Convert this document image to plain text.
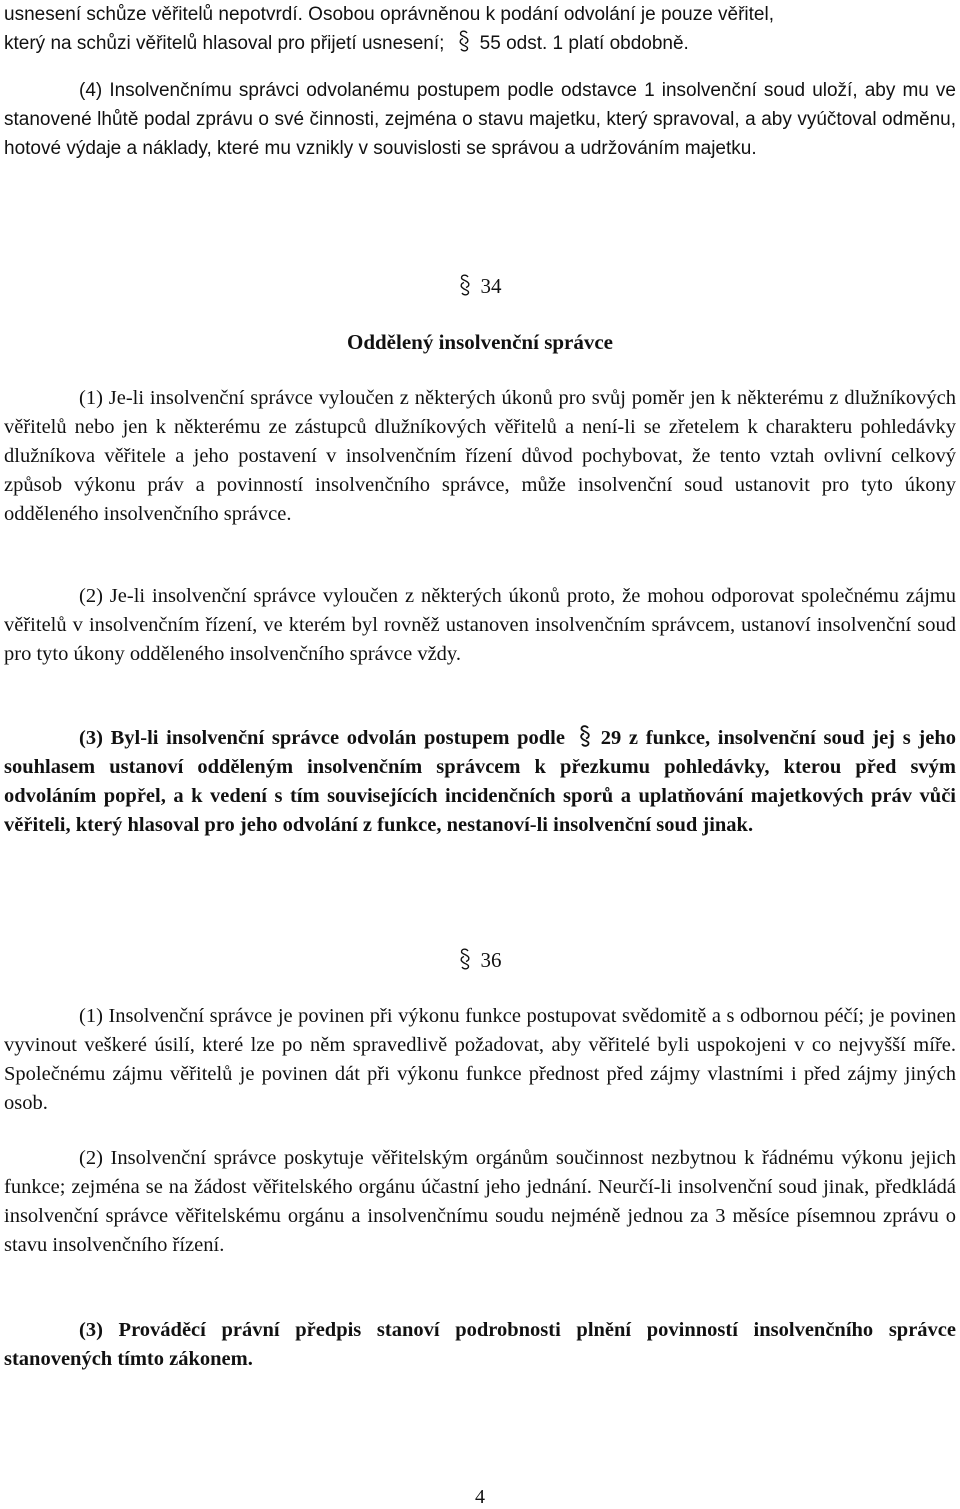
usnesení schůze věřitelů nepotvrdí. Osobou oprávněnou k podání odvolání je pouze věřitel,
který na schůzi věřitelů hlasoval pro přijetí usnesení; 55 odst. 1 platí obdobně.
(4) Insolvenčnímu správci odvolanému postupem podle odstavce 1 insolvenční soud uloží, aby mu ve stanovené lhůtě podal zprávu o své činnosti, zejména o stavu majetku, který spravoval, a aby vyúčtoval odměnu, hotové výdaje a náklady, které mu vznikly v souvislosti se správou a udržováním majetku.
34
Oddělený insolvenční správce
(1) Je-li insolvenční správce vyloučen z některých úkonů pro svůj poměr jen k některému z dlužníkových věřitelů nebo jen k některému ze zástupců dlužníkových věřitelů a není-li se zřetelem k charakteru pohledávky dlužníkova věřitele a jeho postavení v insolvenčním řízení důvod pochybovat, že tento vztah ovlivní celkový způsob výkonu práv a povinností insolvenčního správce, může insolvenční soud ustanovit pro tyto úkony odděleného insolvenčního správce.
(2) Je-li insolvenční správce vyloučen z některých úkonů proto, že mohou odporovat společnému zájmu věřitelů v insolvenčním řízení, ve kterém byl rovněž ustanoven insolvenčním správcem, ustanoví insolvenční soud pro tyto úkony odděleného insolvenčního správce vždy.
(3) Byl-li insolvenční správce odvolán postupem podle 29 z funkce, insolvenční soud jej s jeho souhlasem ustanoví odděleným insolvenčním správcem k přezkumu pohledávky, kterou před svým odvoláním popřel, a k vedení s tím souvisejících incidenčních sporů a uplatňování majetkových práv vůči věřiteli, který hlasoval pro jeho odvolání z funkce, nestanoví-li insolvenční soud jinak.
36
(1) Insolvenční správce je povinen při výkonu funkce postupovat svědomitě a s odbornou péčí; je povinen vyvinout veškeré úsilí, které lze po něm spravedlivě požadovat, aby věřitelé byli uspokojeni v co nejvyšší míře. Společnému zájmu věřitelů je povinen dát při výkonu funkce přednost před zájmy vlastními i před zájmy jiných osob.
(2) Insolvenční správce poskytuje věřitelským orgánům součinnost nezbytnou k řádnému výkonu jejich funkce; zejména se na žádost věřitelského orgánu účastní jeho jednání. Neurčí-li insolvenční soud jinak, předkládá insolvenční správce věřitelskému orgánu a insolvenčnímu soudu nejméně jednou za 3 měsíce písemnou zprávu o stavu insolvenčního řízení.
(3) Prováděcí právní předpis stanoví podrobnosti plnění povinností insolvenčního správce stanovených tímto zákonem.
4
